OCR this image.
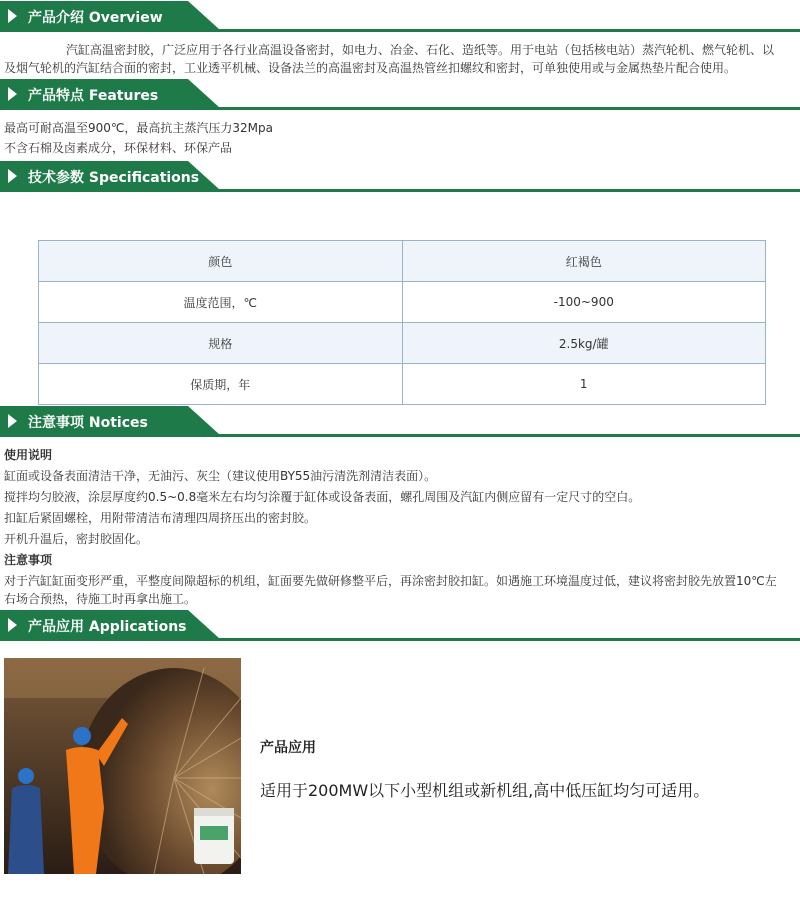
产品介绍 Overview
汽缸高温密封胶，广泛应用于各行业高温设备密封，如电力、冶金、石化、造纸等。用于电站（包括核电站）蒸汽轮机、燃气轮机、以
及烟气轮机的汽缸结合面的密封，工业透平机械、设备法兰的高温密封及高温热管丝扣螺纹和密封，可单独使用或与金属热垫片配合使用。
产品特点 Features
最高可耐高温至900℃，最高抗主蒸汽压力32Mpa
不含石棉及卤素成分，环保材料、环保产品
技术参数 Specifications
颜色	红褐色
温度范围，℃	-100~900
规格	2.5kg/罐
保质期，年	1
注意事项 Notices
使用说明
缸面或设备表面清洁干净，无油污、灰尘（建议使用BY55油污清洗剂清洁表面）。
搅拌均匀胶液，涂层厚度约0.5~0.8毫米左右均匀涂覆于缸体或设备表面，螺孔周围及汽缸内侧应留有一定尺寸的空白。
扣缸后紧固螺栓，用附带清洁布清理四周挤压出的密封胶。
开机升温后，密封胶固化。
注意事项
对于汽缸缸面变形严重，平整度间隙超标的机组，缸面要先做研修整平后，再涂密封胶扣缸。如遇施工环境温度过低，建议将密封胶先放置10℃左
右场合预热，待施工时再拿出施工。
产品应用 Applications
产品应用
适用于200MW以下小型机组或新机组,高中低压缸均匀可适用。
